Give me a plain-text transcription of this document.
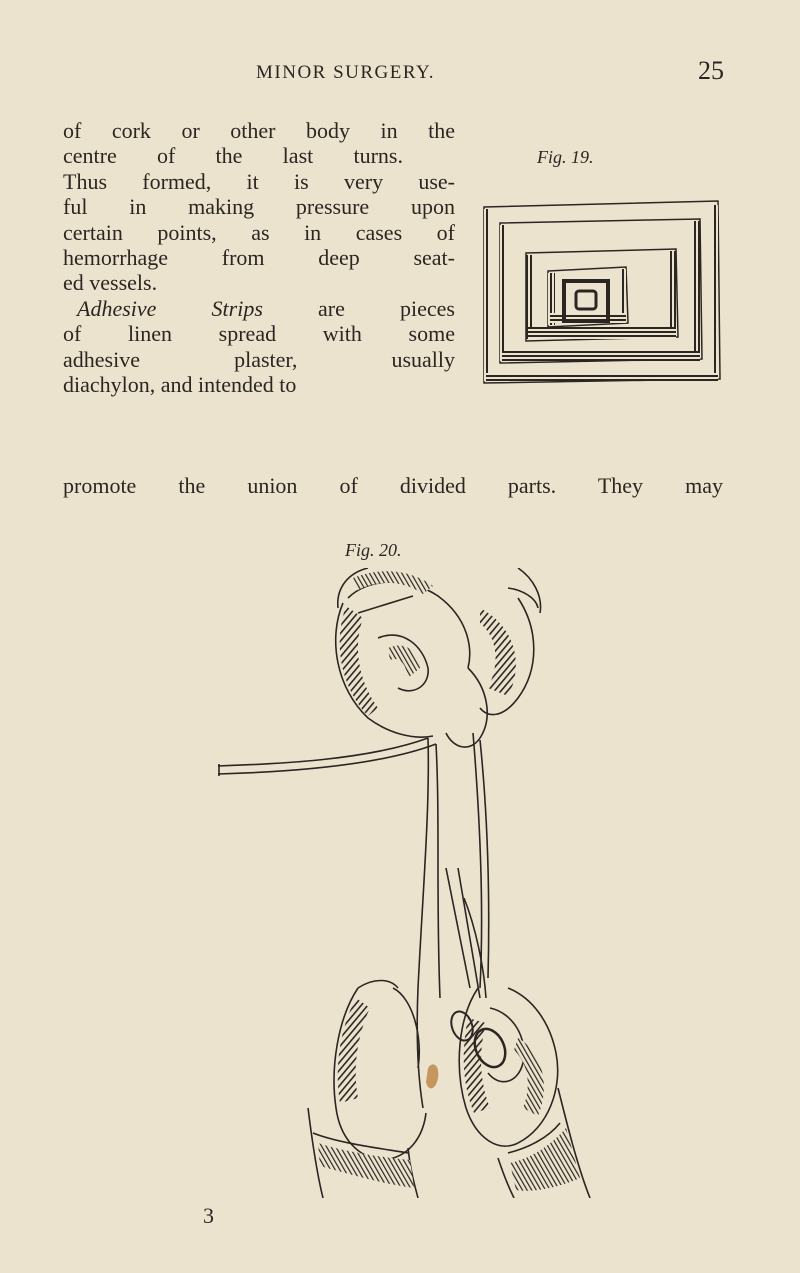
MINOR SURGERY.	25
of cork or other body in the
centre of the last turns.
Thus formed, it is very use-
ful in making pressure upon
certain points, as in cases of
hemorrhage from deep seat-
ed vessels.
Adhesive Strips are pieces
of linen spread with some
adhesive plaster, usually
diachylon, and intended to
promote the union of divided parts. They may
Fig. 19.
Fig. 20.
3
